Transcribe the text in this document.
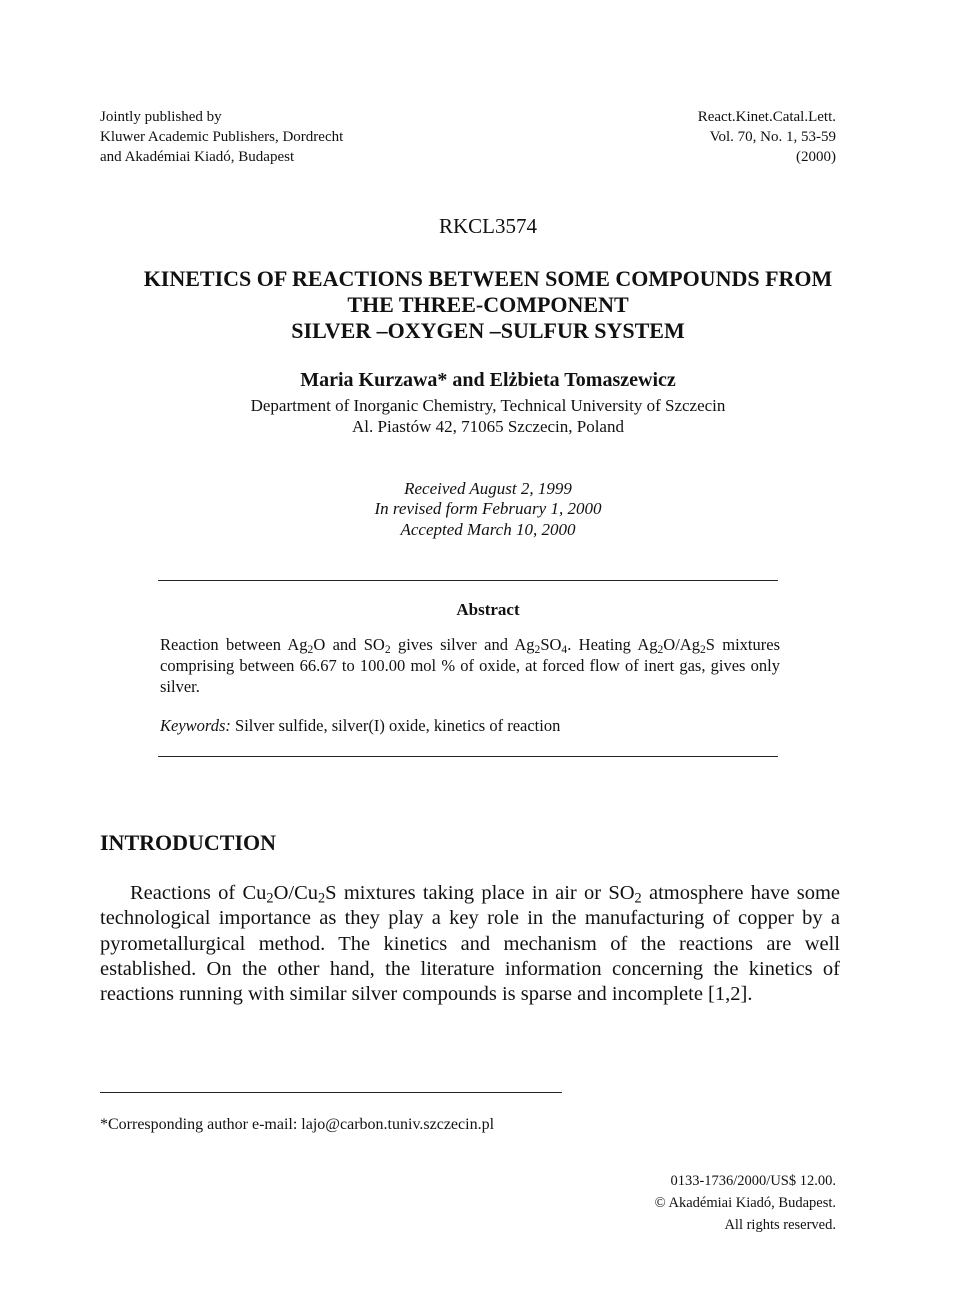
Jointly published by
Kluwer Academic Publishers, Dordrecht
and Akadémiai Kiadó, Budapest
React.Kinet.Catal.Lett.
Vol. 70, No. 1, 53-59
(2000)
RKCL3574
KINETICS OF REACTIONS BETWEEN SOME COMPOUNDS FROM
THE THREE-COMPONENT
SILVER –OXYGEN –SULFUR SYSTEM
Maria Kurzawa* and Elżbieta Tomaszewicz
Department of Inorganic Chemistry, Technical University of Szczecin
Al. Piastów 42, 71065 Szczecin, Poland
Received August 2, 1999
In revised form February 1, 2000
Accepted March 10, 2000
Abstract
Reaction between $Ag_2O$ and $SO_2$ gives silver and $Ag_2SO_4$. Heating $Ag_2O/Ag_2S$ mixtures comprising between 66.67 to 100.00 mol % of oxide, at forced flow of inert gas, gives only silver.
Keywords: Silver sulfide, silver(I) oxide, kinetics of reaction
INTRODUCTION

Reactions of $Cu_2O/Cu_2S$ mixtures taking place in air or $SO_2$ atmosphere have some technological importance as they play a key role in the manufacturing of copper by a pyrometallurgical method. The kinetics and mechanism of the reactions are well established. On the other hand, the literature information concerning the kinetics of reactions running with similar silver compounds is sparse and incomplete [1,2].

*Corresponding author e-mail: lajo@carbon.tuniv.szczecin.pl
0133-1736/2000/US$ 12.00.
© Akadémiai Kiadó, Budapest.
All rights reserved.
